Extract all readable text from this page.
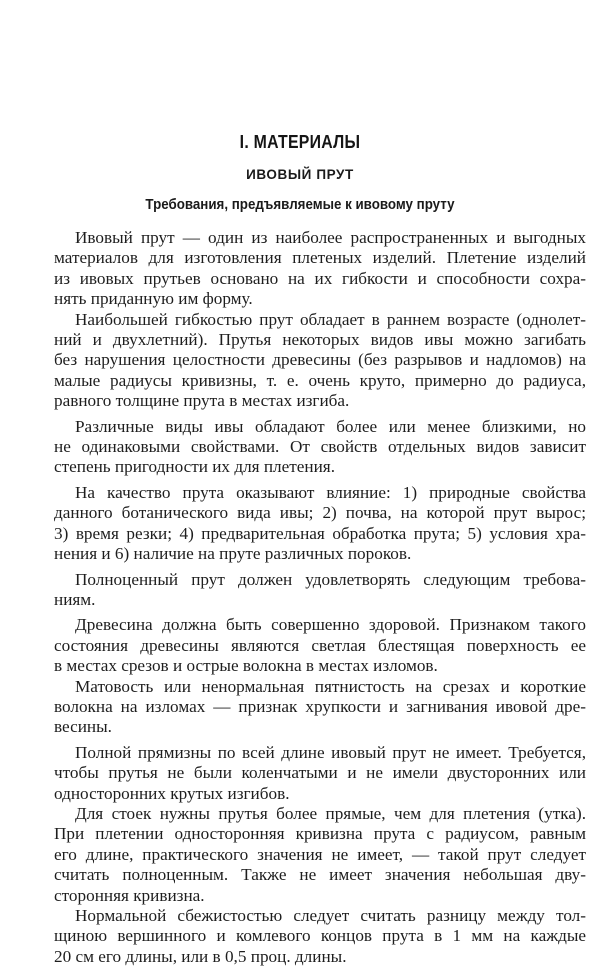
I. МАТЕРИАЛЫ
ИВОВЫЙ ПРУТ
Требования, предъявляемые к ивовому пруту
Ивовый прут — один из наиболее распространенных и выгодных
материалов для изготовления плетеных изделий. Плетение изделий
из ивовых прутьев основано на их гибкости и способности сохра-
нять приданную им форму.
Наибольшей гибкостью прут обладает в раннем возрасте (однолет-
ний и двухлетний). Прутья некоторых видов ивы можно загибать
без нарушения целостности древесины (без разрывов и надломов) на
малые радиусы кривизны, т. е. очень круто, примерно до радиуса,
равного толщине прута в местах изгиба.
Различные виды ивы обладают более или менее близкими, но
не одинаковыми свойствами. От свойств отдельных видов зависит
степень пригодности их для плетения.
На качество прута оказывают влияние: 1) природные свойства
данного ботанического вида ивы; 2) почва, на которой прут вырос;
3) время резки; 4) предварительная обработка прута; 5) условия хра-
нения и 6) наличие на пруте различных пороков.
Полноценный прут должен удовлетворять следующим требова-
ниям.
Древесина должна быть совершенно здоровой. Признаком такого
состояния древесины являются светлая блестящая поверхность ее
в местах срезов и острые волокна в местах изломов.
Матовость или ненормальная пятнистость на срезах и короткие
волокна на изломах — признак хрупкости и загнивания ивовой дре-
весины.
Полной прямизны по всей длине ивовый прут не имеет. Требуется,
чтобы прутья не были коленчатыми и не имели двусторонних или
односторонних крутых изгибов.
Для стоек нужны прутья более прямые, чем для плетения (утка).
При плетении односторонняя кривизна прута с радиусом, равным
его длине, практического значения не имеет, — такой прут следует
считать полноценным. Также не имеет значения небольшая дву-
сторонняя кривизна.
Нормальной сбежистостью следует считать разницу между тол-
щиною вершинного и комлевого концов прута в 1 мм на каждые
20 см его длины, или в 0,5 проц. длины.
